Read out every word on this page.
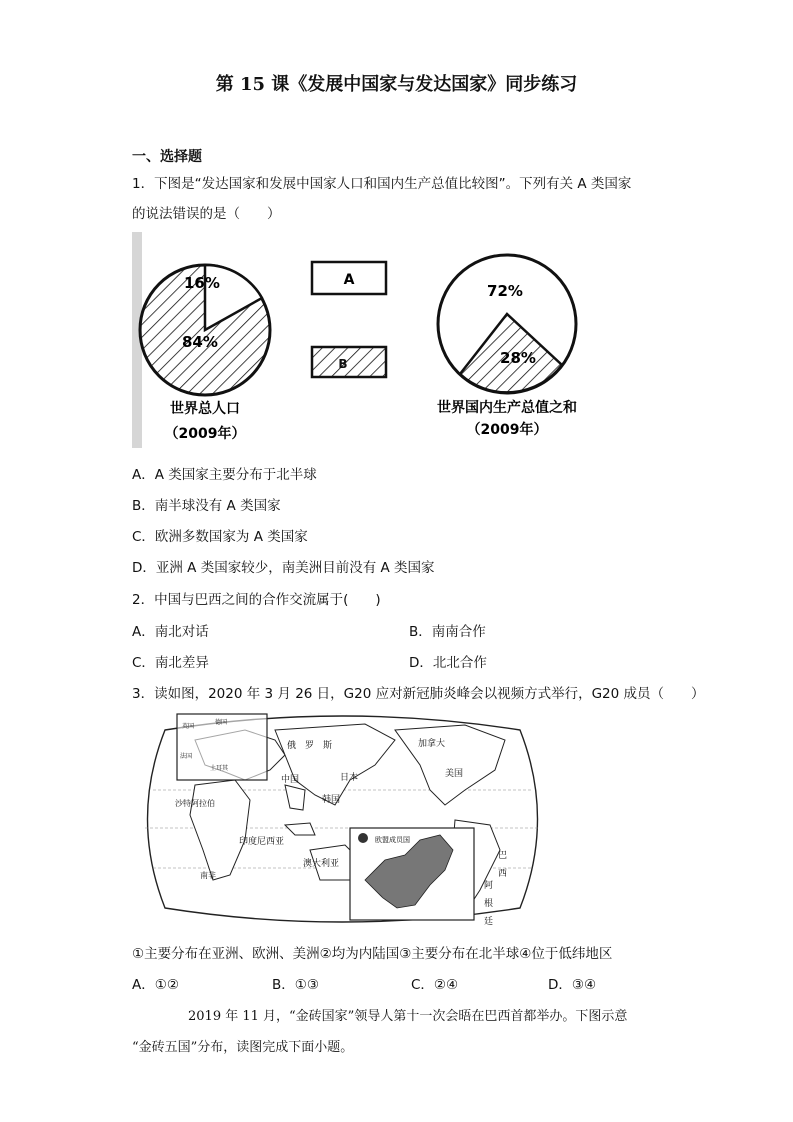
第 15 课《发展中国家与发达国家》同步练习
一、选择题
1．下图是“发达国家和发展中国家人口和国内生产总值比较图”。下列有关 A 类国家
的说法错误的是（　　）
16%
84%
世界总人口
（2009年）
A
B
72%
28%
世界国内生产总值之和
（2009年）
A．A 类国家主要分布于北半球
B．南半球没有 A 类国家
C．欧洲多数国家为 A 类国家
D．亚洲 A 类国家较少，南美洲目前没有 A 类国家
2．中国与巴西之间的合作交流属于(　　)
A．南北对话	B．南南合作
C．南北差异	D．北北合作
3．读如图，2020 年 3 月 26 日，G20 应对新冠肺炎峰会以视频方式举行，G20 成员（　　）
欧盟成员国
俄　罗　斯	加拿大
中国	日本
韩国
美国
沙特阿拉伯
印度尼西亚
澳大利亚	巴　西
阿　根　廷
南非
英国
德国
法国
土耳其
①主要分布在亚洲、欧洲、美洲②均为内陆国③主要分布在北半球④位于低纬地区
A．①②	B．①③	C．②④	D．③④
2019 年 11 月，“金砖国家”领导人第十一次会晤在巴西首都举办。下图示意
“金砖五国”分布，读图完成下面小题。
